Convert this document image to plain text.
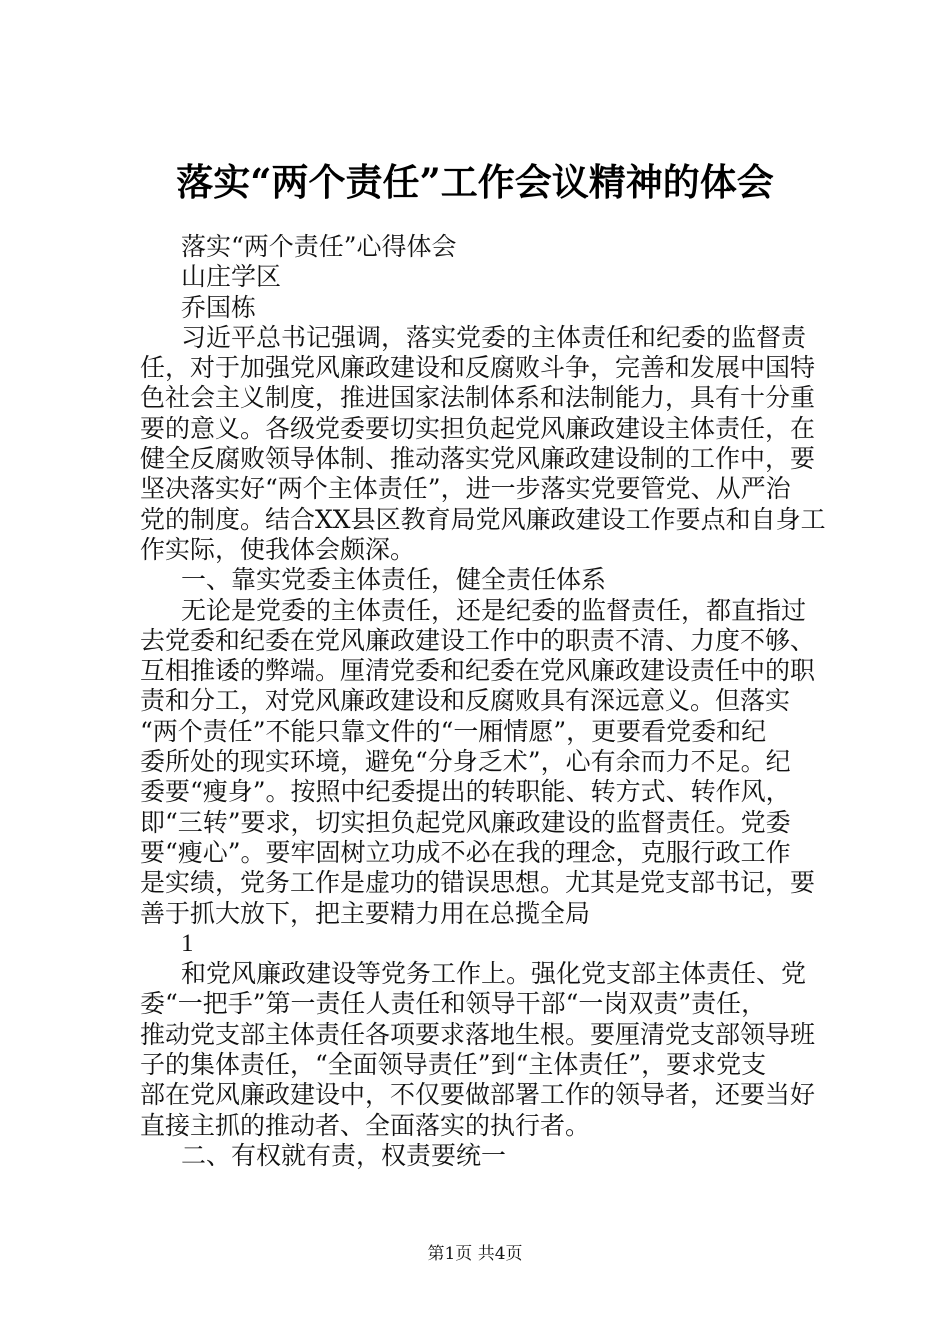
落实“两个责任”工作会议精神的体会
落实“两个责任”心得体会
山庄学区
乔国栋
习近平总书记强调，落实党委的主体责任和纪委的监督责
任，对于加强党风廉政建设和反腐败斗争，完善和发展中国特
色社会主义制度，推进国家法制体系和法制能力，具有十分重
要的意义。各级党委要切实担负起党风廉政建设主体责任，在
健全反腐败领导体制、推动落实党风廉政建设制的工作中，要
坚决落实好“两个主体责任”，进一步落实党要管党、从严治
党的制度。结合XX县区教育局党风廉政建设工作要点和自身工
作实际，使我体会颇深。
一、靠实党委主体责任，健全责任体系
无论是党委的主体责任，还是纪委的监督责任，都直指过
去党委和纪委在党风廉政建设工作中的职责不清、力度不够、
互相推诿的弊端。厘清党委和纪委在党风廉政建设责任中的职
责和分工，对党风廉政建设和反腐败具有深远意义。但落实
“两个责任”不能只靠文件的“一厢情愿”，更要看党委和纪
委所处的现实环境，避免“分身乏术”，心有余而力不足。纪
委要“瘦身”。按照中纪委提出的转职能、转方式、转作风，
即“三转”要求，切实担负起党风廉政建设的监督责任。党委
要“瘦心”。要牢固树立功成不必在我的理念，克服行政工作
是实绩，党务工作是虚功的错误思想。尤其是党支部书记，要
善于抓大放下，把主要精力用在总揽全局
1
和党风廉政建设等党务工作上。强化党支部主体责任、党
委“一把手”第一责任人责任和领导干部“一岗双责”责任，
推动党支部主体责任各项要求落地生根。要厘清党支部领导班
子的集体责任，“全面领导责任”到“主体责任”，要求党支
部在党风廉政建设中，不仅要做部署工作的领导者，还要当好
直接主抓的推动者、全面落实的执行者。
二、有权就有责，权责要统一
第1页 共4页
